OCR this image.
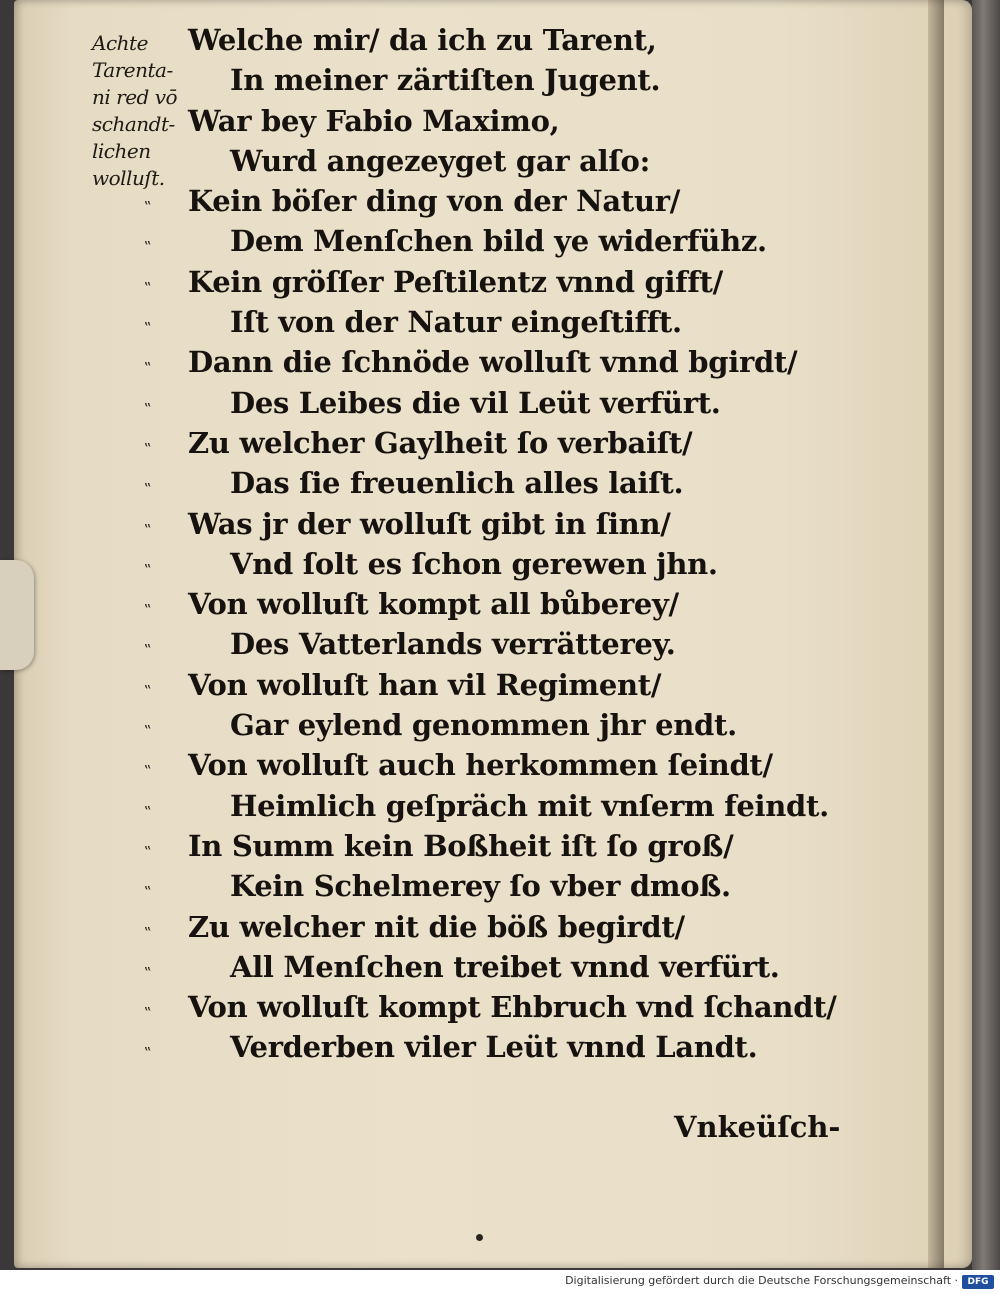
Achte
Tarenta-
ni red vō
schandt-
lichen
wolluſt.
Welche mir/ da ich zu Tarent,
In meiner zärtiſten Jugent.
War bey Fabio Maximo,
Wurd angezeyget gar alſo:
‟	Kein böſer ding von der Natur/
‟	Dem Menſchen bild ye widerfühz.
‟	Kein gröſſer Peſtilentz vnnd gifft/
‟	Iſt von der Natur eingeſtifft.
‟	Dann die ſchnöde wolluſt vnnd bgirdt/
‟	Des Leibes die vil Leüt verfürt.
‟	Zu welcher Gaylheit ſo verbaiſt/
‟	Das ſie freuenlich alles laiſt.
‟	Was jr der wolluſt gibt in ſinn/
‟	Vnd ſolt es ſchon gerewen jhn.
‟	Von wolluſt kompt all bůberey/
‟	Des Vatterlands verrätterey.
‟	Von wolluſt han vil Regiment/
‟	Gar eylend genommen jhr endt.
‟	Von wolluſt auch herkommen ſeindt/
‟	Heimlich geſpräch mit vnſerm feindt.
‟	In Summ kein Boßheit iſt ſo groß/
‟	Kein Schelmerey ſo vber dmoß.
‟	Zu welcher nit die böß begirdt/
‟	All Menſchen treibet vnnd verfürt.
‟	Von wolluſt kompt Ehbruch vnd ſchandt/
‟	Verderben viler Leüt vnnd Landt.
Vnkeüſch-
Digitalisierung gefördert durch die Deutsche Forschungsgemeinschaft ·	DFG
